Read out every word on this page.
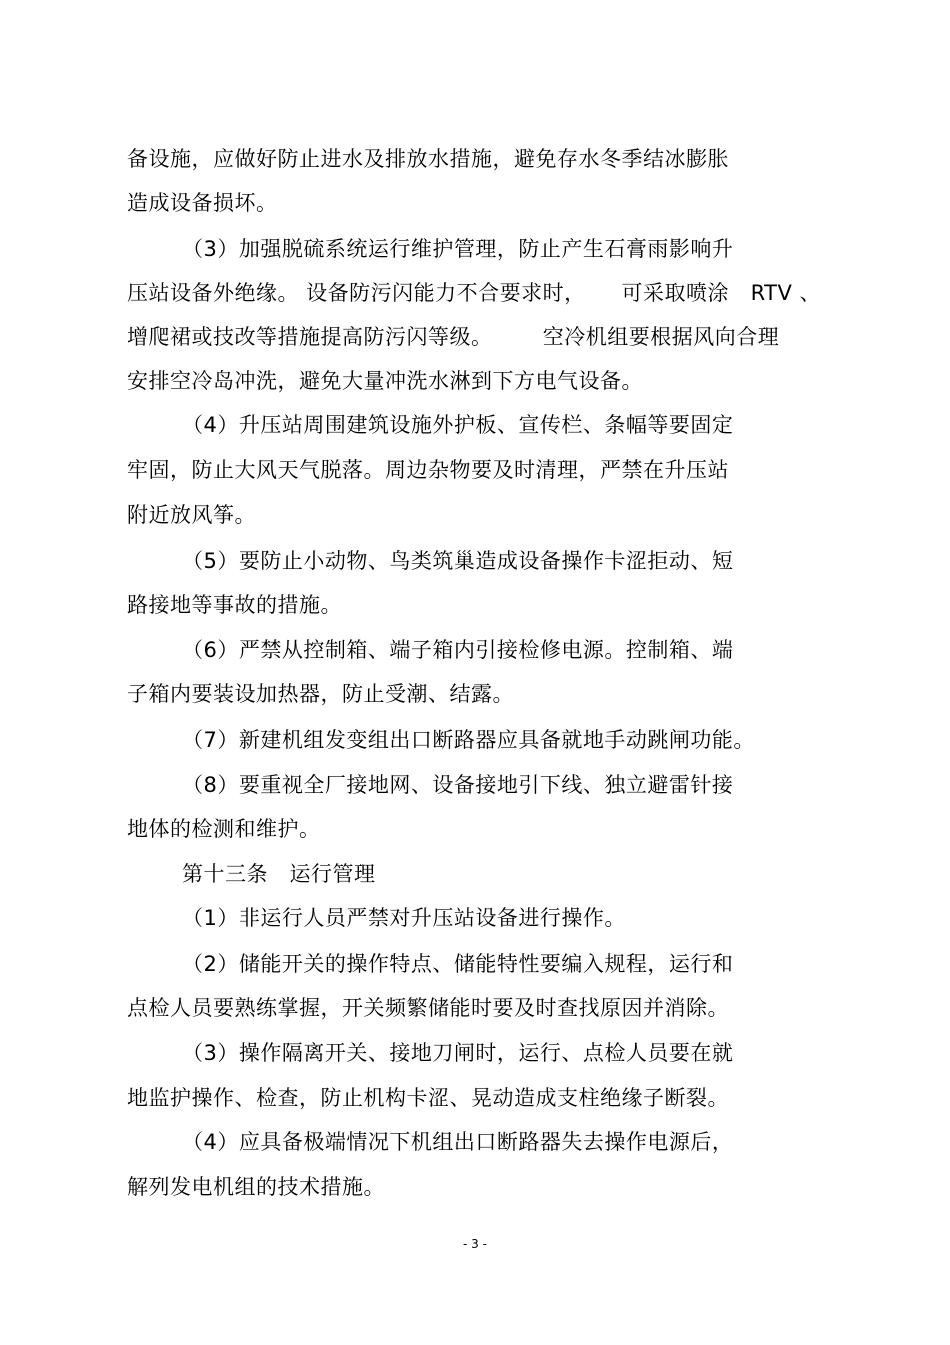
备设施，应做好防止进水及排放水措施，避免存水冬季结冰膨胀
造成设备损坏。
（3）加强脱硫系统运行维护管理，防止产生石膏雨影响升
压站设备外绝缘。 设备防污闪能力不合要求时，     可采取喷涂   RTV 、
增爬裙或技改等措施提高防污闪等级。       空冷机组要根据风向合理
安排空冷岛冲洗，避免大量冲洗水淋到下方电气设备。
（4）升压站周围建筑设施外护板、宣传栏、条幅等要固定
牢固，防止大风天气脱落。周边杂物要及时清理，严禁在升压站
附近放风筝。
（5）要防止小动物、鸟类筑巢造成设备操作卡涩拒动、短
路接地等事故的措施。
（6）严禁从控制箱、端子箱内引接检修电源。控制箱、端
子箱内要装设加热器，防止受潮、结露。
（7）新建机组发变组出口断路器应具备就地手动跳闸功能。
（8）要重视全厂接地网、设备接地引下线、独立避雷针接
地体的检测和维护。
第十三条   运行管理
（1）非运行人员严禁对升压站设备进行操作。
（2）储能开关的操作特点、储能特性要编入规程，运行和
点检人员要熟练掌握，开关频繁储能时要及时查找原因并消除。
（3）操作隔离开关、接地刀闸时，运行、点检人员要在就
地监护操作、检查，防止机构卡涩、晃动造成支柱绝缘子断裂。
（4）应具备极端情况下机组出口断路器失去操作电源后，
解列发电机组的技术措施。
- 3 -
